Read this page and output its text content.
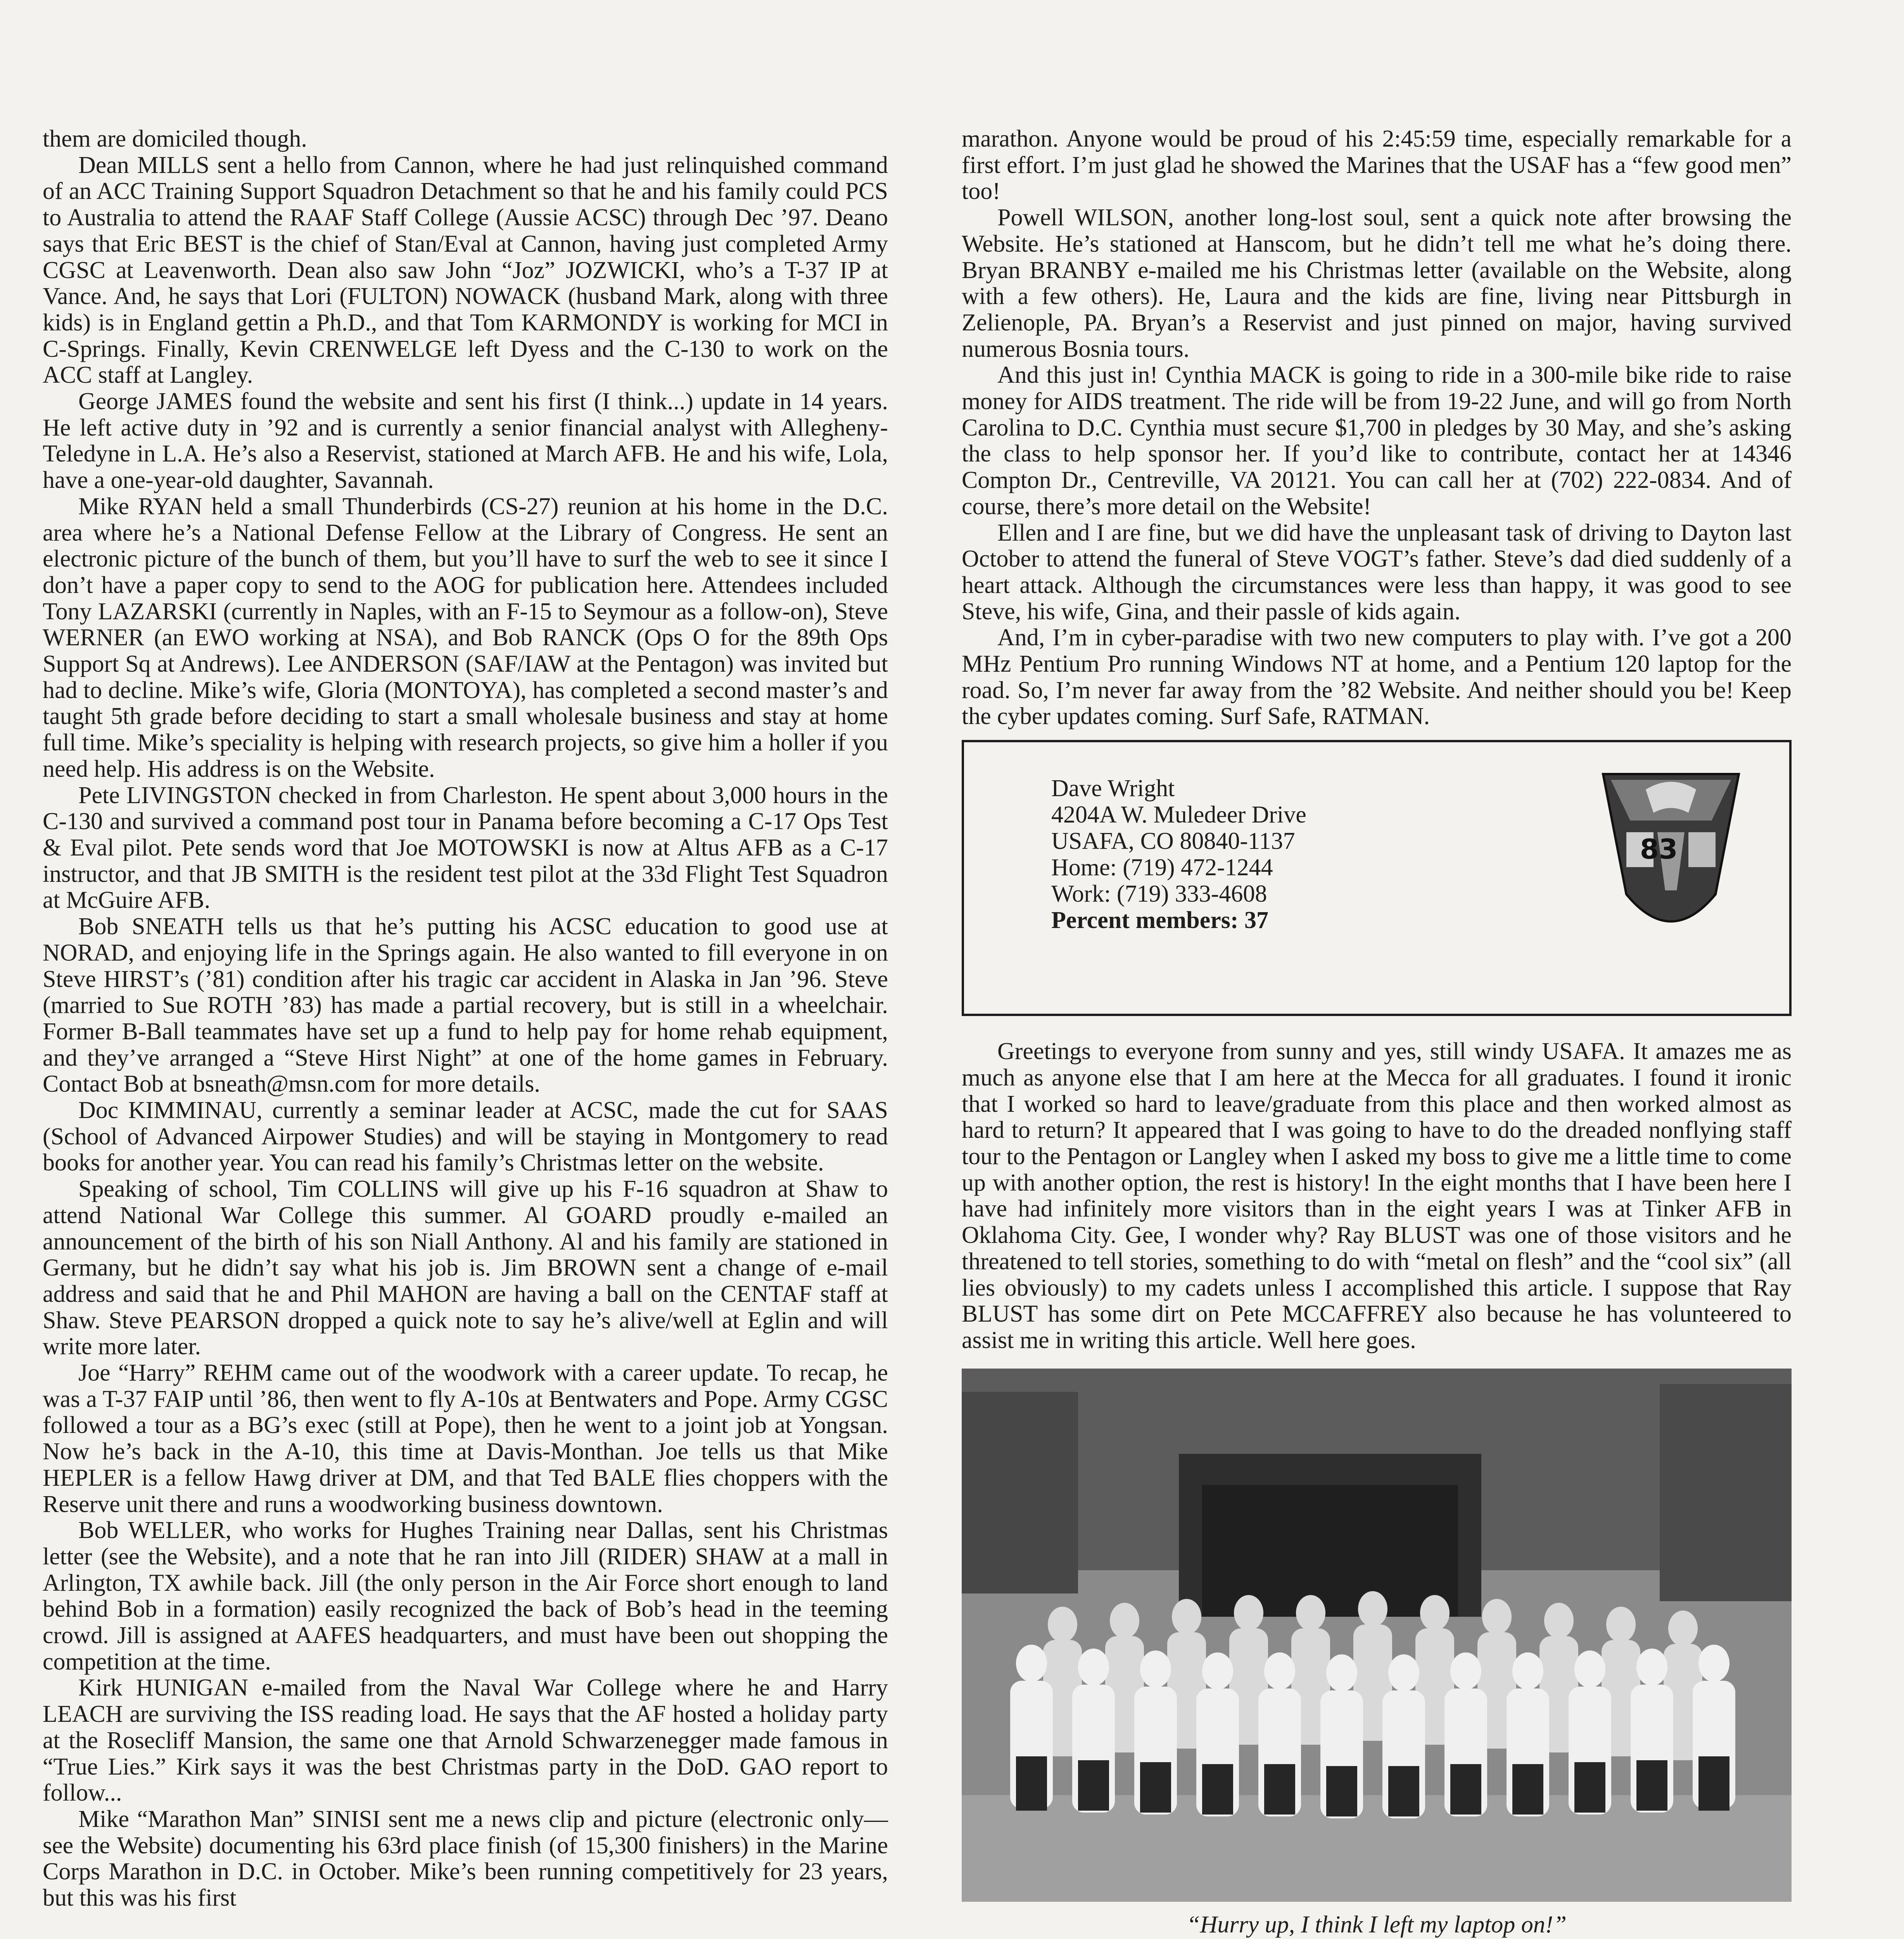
them are domiciled though.

Dean MILLS sent a hello from Cannon, where he had just relinquished command of an ACC Training Support Squadron Detachment so that he and his family could PCS to Australia to attend the RAAF Staff College (Aussie ACSC) through Dec ’97. Deano says that Eric BEST is the chief of Stan/Eval at Cannon, having just completed Army CGSC at Leavenworth. Dean also saw John “Joz” JOZWICKI, who’s a T-37 IP at Vance. And, he says that Lori (FULTON) NOWACK (husband Mark, along with three kids) is in England gettin a Ph.D., and that Tom KARMONDY is working for MCI in C-Springs. Finally, Kevin CRENWELGE left Dyess and the C-130 to work on the ACC staff at Langley.

George JAMES found the website and sent his first (I think...) update in 14 years. He left active duty in ’92 and is currently a senior financial analyst with Allegheny-Teledyne in L.A. He’s also a Reservist, stationed at March AFB. He and his wife, Lola, have a one-year-old daughter, Savannah.

Mike RYAN held a small Thunderbirds (CS-27) reunion at his home in the D.C. area where he’s a National Defense Fellow at the Library of Congress. He sent an electronic picture of the bunch of them, but you’ll have to surf the web to see it since I don’t have a paper copy to send to the AOG for publication here. Attendees included Tony LAZARSKI (currently in Naples, with an F-15 to Seymour as a follow-on), Steve WERNER (an EWO working at NSA), and Bob RANCK (Ops O for the 89th Ops Support Sq at Andrews). Lee ANDERSON (SAF/IAW at the Pentagon) was invited but had to decline. Mike’s wife, Gloria (MONTOYA), has completed a second master’s and taught 5th grade before deciding to start a small wholesale business and stay at home full time. Mike’s speciality is helping with research projects, so give him a holler if you need help. His address is on the Website.

Pete LIVINGSTON checked in from Charleston. He spent about 3,000 hours in the C-130 and survived a command post tour in Panama before becoming a C-17 Ops Test & Eval pilot. Pete sends word that Joe MOTOWSKI is now at Altus AFB as a C-17 instructor, and that JB SMITH is the resident test pilot at the 33d Flight Test Squadron at McGuire AFB.

Bob SNEATH tells us that he’s putting his ACSC education to good use at NORAD, and enjoying life in the Springs again. He also wanted to fill everyone in on Steve HIRST’s (’81) condition after his tragic car accident in Alaska in Jan ’96. Steve (married to Sue ROTH ’83) has made a partial recovery, but is still in a wheelchair. Former B-Ball teammates have set up a fund to help pay for home rehab equipment, and they’ve arranged a “Steve Hirst Night” at one of the home games in February. Contact Bob at bsneath@msn.com for more details.

Doc KIMMINAU, currently a seminar leader at ACSC, made the cut for SAAS (School of Advanced Airpower Studies) and will be staying in Montgomery to read books for another year. You can read his family’s Christmas letter on the website.

Speaking of school, Tim COLLINS will give up his F-16 squadron at Shaw to attend National War College this summer. Al GOARD proudly e-mailed an announcement of the birth of his son Niall Anthony. Al and his family are stationed in Germany, but he didn’t say what his job is. Jim BROWN sent a change of e-mail address and said that he and Phil MAHON are having a ball on the CENTAF staff at Shaw. Steve PEARSON dropped a quick note to say he’s alive/well at Eglin and will write more later.

Joe “Harry” REHM came out of the woodwork with a career update. To recap, he was a T-37 FAIP until ’86, then went to fly A-10s at Bentwaters and Pope. Army CGSC followed a tour as a BG’s exec (still at Pope), then he went to a joint job at Yongsan. Now he’s back in the A-10, this time at Davis-Monthan. Joe tells us that Mike HEPLER is a fellow Hawg driver at DM, and that Ted BALE flies choppers with the Reserve unit there and runs a woodworking business downtown.

Bob WELLER, who works for Hughes Training near Dallas, sent his Christmas letter (see the Website), and a note that he ran into Jill (RIDER) SHAW at a mall in Arlington, TX awhile back. Jill (the only person in the Air Force short enough to land behind Bob in a formation) easily recognized the back of Bob’s head in the teeming crowd. Jill is assigned at AAFES headquarters, and must have been out shopping the competition at the time.

Kirk HUNIGAN e-mailed from the Naval War College where he and Harry LEACH are surviving the ISS reading load. He says that the AF hosted a holiday party at the Rosecliff Mansion, the same one that Arnold Schwarzenegger made famous in “True Lies.” Kirk says it was the best Christmas party in the DoD. GAO report to follow...

Mike “Marathon Man” SINISI sent me a news clip and picture (electronic only—see the Website) documenting his 63rd place finish (of 15,300 finishers) in the Marine Corps Marathon in D.C. in October. Mike’s been running competitively for 23 years, but this was his first

marathon. Anyone would be proud of his 2:45:59 time, especially remarkable for a first effort. I’m just glad he showed the Marines that the USAF has a “few good men” too!

Powell WILSON, another long-lost soul, sent a quick note after browsing the Website. He’s stationed at Hanscom, but he didn’t tell me what he’s doing there. Bryan BRANBY e-mailed me his Christmas letter (available on the Website, along with a few others). He, Laura and the kids are fine, living near Pittsburgh in Zelienople, PA. Bryan’s a Reservist and just pinned on major, having survived numerous Bosnia tours.

And this just in! Cynthia MACK is going to ride in a 300-mile bike ride to raise money for AIDS treatment. The ride will be from 19-22 June, and will go from North Carolina to D.C. Cynthia must secure $1,700 in pledges by 30 May, and she’s asking the class to help sponsor her. If you’d like to contribute, contact her at 14346 Compton Dr., Centreville, VA 20121. You can call her at (702) 222-0834. And of course, there’s more detail on the Website!

Ellen and I are fine, but we did have the unpleasant task of driving to Dayton last October to attend the funeral of Steve VOGT’s father. Steve’s dad died suddenly of a heart attack. Although the circumstances were less than happy, it was good to see Steve, his wife, Gina, and their passle of kids again.

And, I’m in cyber-paradise with two new computers to play with. I’ve got a 200 MHz Pentium Pro running Windows NT at home, and a Pentium 120 laptop for the road. So, I’m never far away from the ’82 Website. And neither should you be! Keep the cyber updates coming. Surf Safe, RATMAN.

Dave Wright

4204A W. Muledeer Drive

USAFA, CO 80840-1137

Home: (719) 472-1244

Work: (719) 333-4608

Percent members: 37

83

Greetings to everyone from sunny and yes, still windy USAFA. It amazes me as much as anyone else that I am here at the Mecca for all graduates. I found it ironic that I worked so hard to leave/graduate from this place and then worked almost as hard to return? It appeared that I was going to have to do the dreaded nonflying staff tour to the Pentagon or Langley when I asked my boss to give me a little time to come up with another option, the rest is history! In the eight months that I have been here I have had infinitely more visitors than in the eight years I was at Tinker AFB in Oklahoma City. Gee, I wonder why? Ray BLUST was one of those visitors and he threatened to tell stories, something to do with “metal on flesh” and the “cool six” (all lies obviously) to my cadets unless I accomplished this article. I suppose that Ray BLUST has some dirt on Pete MCCAFFREY also because he has volunteered to assist me in writing this article. Well here goes.

“Hurry up, I think I left my laptop on!”
